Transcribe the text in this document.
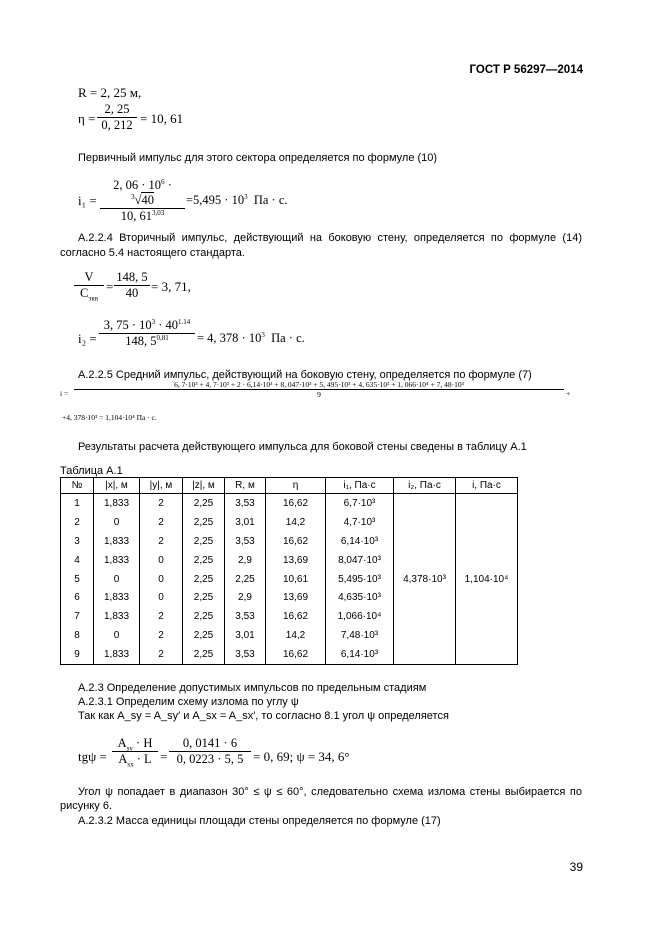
ГОСТ Р 56297—2014
R = 2, 25 м,
$\eta = \frac{2, 25}{0, 212} = 10$, 61
Первичный импульс для этого сектора определяется по формуле (10)
$i_1 = \frac{2, 06 \cdot 10^6 \cdot ^3√40}{10, 61^{3,03}} =5,495 \cdot 10^3$ Па · с.
А.2.2.4 Вторичный импульс, действующий на боковую стену, определяется по формуле (14)
согласно 5.4 настоящего стандарта.
V
$C_{экв}$
= $\frac{148, 5}{40} = 3$, 71,
$i_2 = \frac{3, 75 \cdot 10^3 \cdot 40^{1.14}}{148, 5^{0,81}} = 4$, $378 \cdot 10^3$ Па · с.
А.2.2.5 Средний импульс, действующий на боковую стену, определяется по формуле (7)
i =
6, 7·10³ + 4, 7·10³ + 2 · 6,14·10³ + 8, 047·10³ + 5, 495·10³ + 4, 635·10³ + 1, 066·10⁴ + 7, 48·10³
9	+
+4, 378·10³ = 1,104·10⁴ Па · с.
Результаты расчета действующего импульса для боковой стены сведены в таблицу А.1
Таблица А.1
№	|x|, м	|y|, м	|z|, м	R, м	η	i₁, Па·с	i₂, Па·с	i, Па·с
1	1,833	2	2,25	3,53	16,62	6,7·10³	4,378·10³	1,104·10⁴
2	0	2	2,25	3,01	14,2	4,7·10³		
3	1,833	2	2,25	3,53	16,62	6,14·10³		
4	1,833	0	2,25	2,9	13,69	8,047·10³		
5	0	0	2,25	2,25	10,61	5,495·10³		
6	1,833	0	2,25	2,9	13,69	4,635·10³		
7	1,833	2	2,25	3,53	16,62	1,066·10⁴		
8	0	2	2,25	3,01	14,2	7,48·10³		
9	1,833	2	2,25	3,53	16,62	6,14·10³		
А.2.3 Определение допустимых импульсов по предельным стадиям
А.2.3.1 Определим схему излома по углу ψ
Так как A_sy = A_sy′ и A_sx = A_sx′, то согласно 8.1 угол ψ определяется
tgψ =
$A_{sy} \cdot H$
$A_{sx} \cdot L = \frac{0, 0141 \cdot 6}{0, 0223 \cdot 5, 5} = 0$, 69; ψ = 34, 6°
Угол ψ попадает в диапазон 30° ≤ ψ ≤ 60°, следовательно схема излома стены выбирается по
рисунку 6.
А.2.3.2 Масса единицы площади стены определяется по формуле (17)
39
